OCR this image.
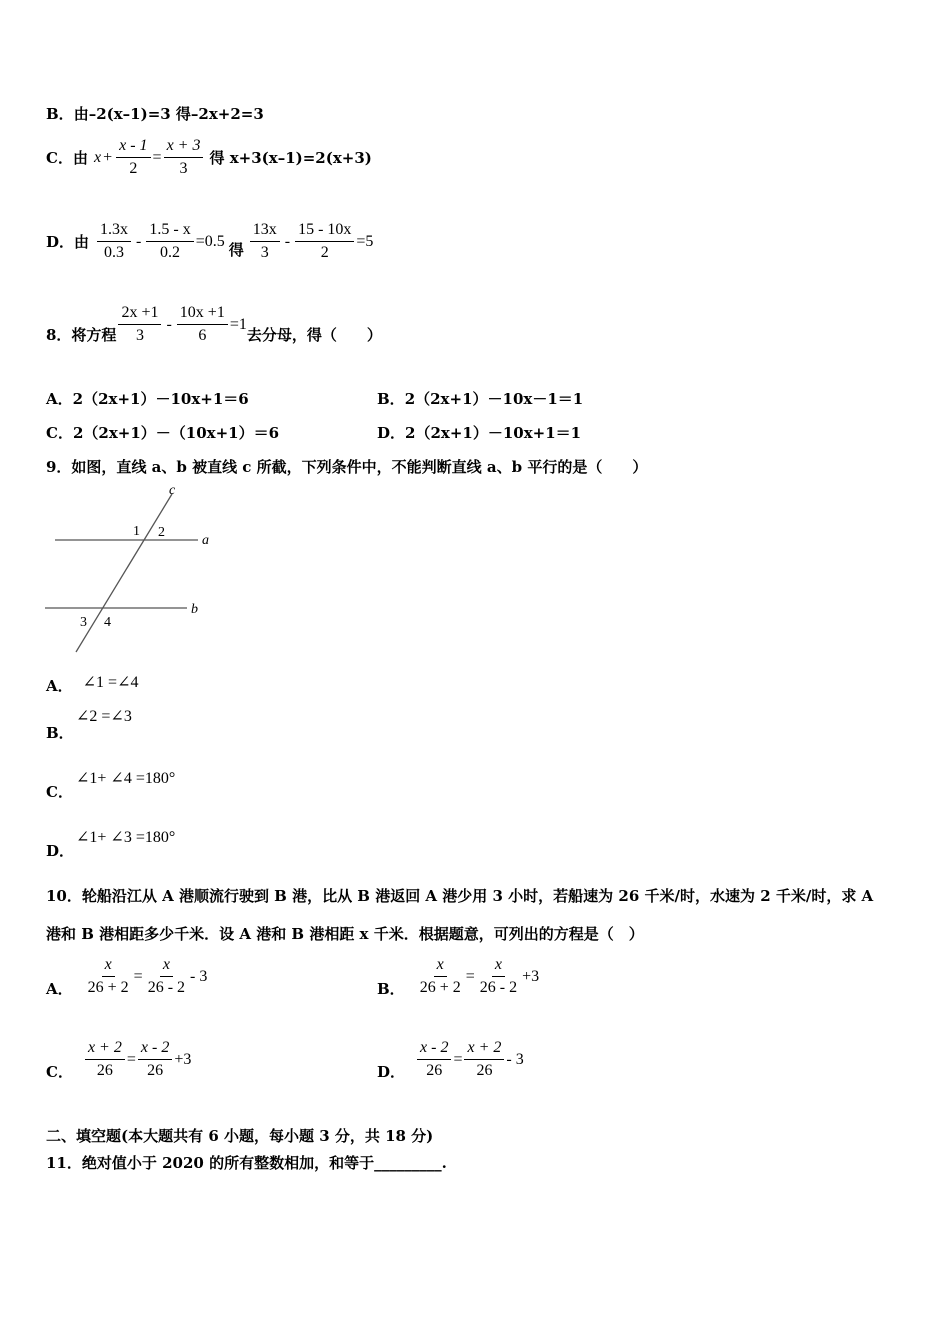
B． 由–2(x–1)=3 得–2x+2=3
C． 由 $x + \frac{x - 1}{2} = \frac{x + 3}{3}$ 得 x+3(x–1)=2(x+3)
D． 由 $\frac{1.3x}{0.3} - \frac{1.5 - x}{0.2} =0.5$ 得 $\frac{13x}{3} - \frac{15 - 10x}{2} =5$
8．将方程 $\frac{2x +1}{3} - \frac{10x +1}{6} =1$
去分母，得（　　）
A．2（2x+1）－10x+1＝6	B．2（2x+1）－10x－1＝1
C．2（2x+1）－（10x+1）＝6	D．2（2x+1）－10x+1＝1
9．如图，直线 a、b 被直线 c 所截，下列条件中，不能判断直线 a、b 平行的是（　　）
c
a
b
1 2
3 4
A． ∠1 =∠4
∠2 =∠3
B．
∠1+ ∠4 =180°
C．
∠1+ ∠3 =180°
D．
10．轮船沿江从 A 港顺流行驶到 B 港，比从 B 港返回 A 港少用 3 小时，若船速为 26 千米/时，水速为 2 千米/时，求 A
港和 B 港相距多少千米．设 A 港和 B 港相距 x 千米．根据题意，可列出的方程是（　）
A． $\frac{x}{26 + 2} = \frac{x}{26 - 2} - 3$
B． $\frac{x}{26 + 2} = \frac{x}{26 - 2} +3$
C． $\frac{x + 2}{26} = \frac{x - 2}{26} +3$
D． $\frac{x - 2}{26} = \frac{x + 2}{26} - 3$
二、填空题(本大题共有 6 小题，每小题 3 分，共 18 分)
11．绝对值小于 2020 的所有整数相加，和等于_________.
